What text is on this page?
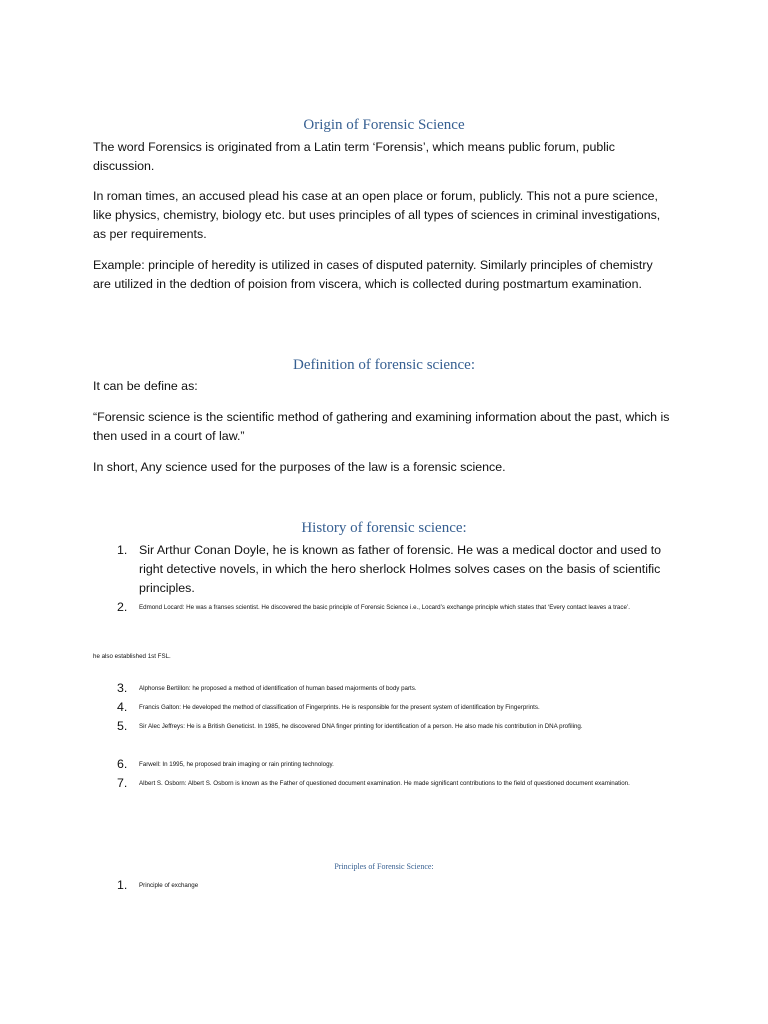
Origin of Forensic Science

The word Forensics is originated from a Latin term ‘Forensis’, which means public forum, public discussion.

In roman times, an accused plead his case at an open place or forum, publicly. This not a pure science, like physics, chemistry, biology etc. but uses principles of all types of sciences in criminal investigations, as per requirements.

Example: principle of heredity is utilized in cases of disputed paternity. Similarly principles of chemistry are utilized in the dedtion of poision from viscera, which is collected during postmartum examination.

Definition of forensic science:

It can be define as:

“Forensic science is the scientific method of gathering and examining information about the past, which is then used in a court of law.”

In short, Any science used for the purposes of the law is a forensic science.

History of forensic science:
1. Sir Arthur Conan Doyle, he is known as father of forensic. He was a medical doctor and used to right detective novels, in which the hero sherlock Holmes solves cases on the basis of scientific principles.
2.	Edmond Locard: He was a franses scientist. He discovered the basic principle of Forensic Science i.e., Locard’s exchange principle which states that ‘Every contact leaves a trace’.
he also established 1st FSL.
3.	Alphonse Bertillon: he proposed a method of identification of human based majorments of body parts.
4.	Francis Galton: He developed the method of classification of Fingerprints. He is responsible for the present system of identification by Fingerprints.
5.	Sir Alec Jeffreys: He is a British Geneticist. In 1985, he discovered DNA finger printing for identification of a person. He also made his contribution in DNA profiling.
6.	Farwell: In 1995, he proposed brain imaging or rain printing technology.
7.	Albert S. Osborn: Albert S. Osborn is known as the Father of questioned document examination. He made significant contributions to the field of questioned document examination.
Principles of Forensic Science:
1.	Principle of exchange
